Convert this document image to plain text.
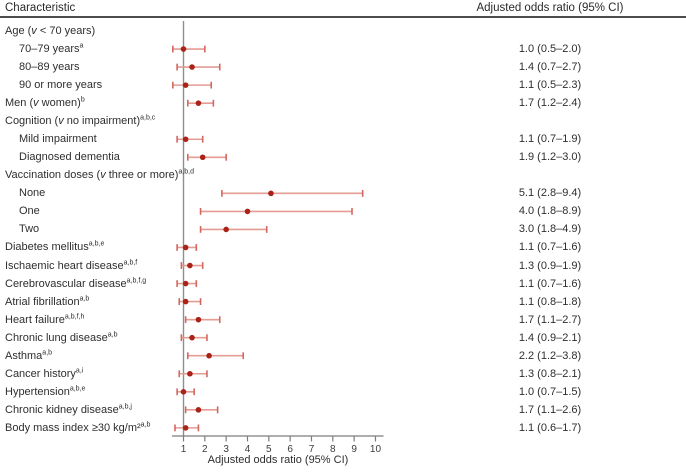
Characteristic	Adjusted odds ratio (95% CI)
1 2 3 4 5 6 7 8 9 10
Age (v < 70 years)
70–79 years$^a$	1.0 (0.5–2.0)
80–89 years	1.4 (0.7–2.7)
90 or more years	1.1 (0.5–2.3)
Men (v women)$^b$	1.7 (1.2–2.4)
Cognition (v no impairment)$^{a,b,c}$
Mild impairment	1.1 (0.7–1.9)
Diagnosed dementia	1.9 (1.2–3.0)
Vaccination doses (v three or more)$^{a,b,d}$
None	5.1 (2.8–9.4)
One	4.0 (1.8–8.9)
Two	3.0 (1.8–4.9)
Diabetes mellitus$^{a,b,e}$	1.1 (0.7–1.6)
Ischaemic heart disease$^{a,b,f}$	1.3 (0.9–1.9)
Cerebrovascular disease$^{a,b,f,g}$	1.1 (0.7–1.6)
Atrial fibrillation$^{a,b}$	1.1 (0.8–1.8)
Heart failure$^{a,b,f,h}$	1.7 (1.1–2.7)
Chronic lung disease$^{a,b}$	1.4 (0.9–2.1)
Asthma$^{a,b}$	2.2 (1.2–3.8)
Cancer history$^{a,i}$	1.3 (0.8–2.1)
Hypertension$^{a,b,e}$	1.0 (0.7–1.5)
Chronic kidney disease$^{a,b,j}$	1.7 (1.1–2.6)
Body mass index ≥30 kg/m²$^{a,b}$	1.1 (0.6–1.7)
Adjusted odds ratio (95% CI)
